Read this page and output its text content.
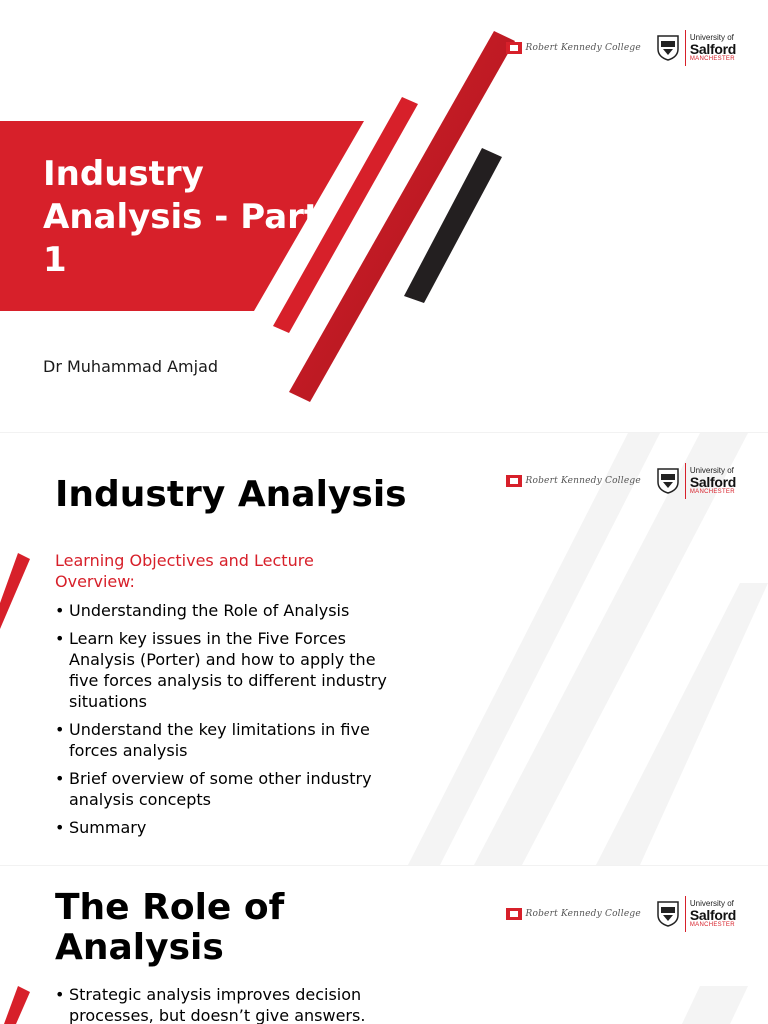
Industry Analysis - Part 1
Dr Muhammad Amjad
Robert Kennedy College
University of
Salford
MANCHESTER
Industry Analysis
Learning Objectives and Lecture Overview:
• Understanding the Role of Analysis
• Learn key issues in the Five Forces Analysis (Porter) and how to apply the five forces analysis to different industry situations
• Understand the key limitations in five forces analysis
• Brief overview of some other industry analysis concepts
• Summary
Robert Kennedy College
University of
Salford
MANCHESTER
The Role of Analysis
• Strategic analysis improves decision processes, but doesn’t give answers.
Robert Kennedy College
University of
Salford
MANCHESTER
